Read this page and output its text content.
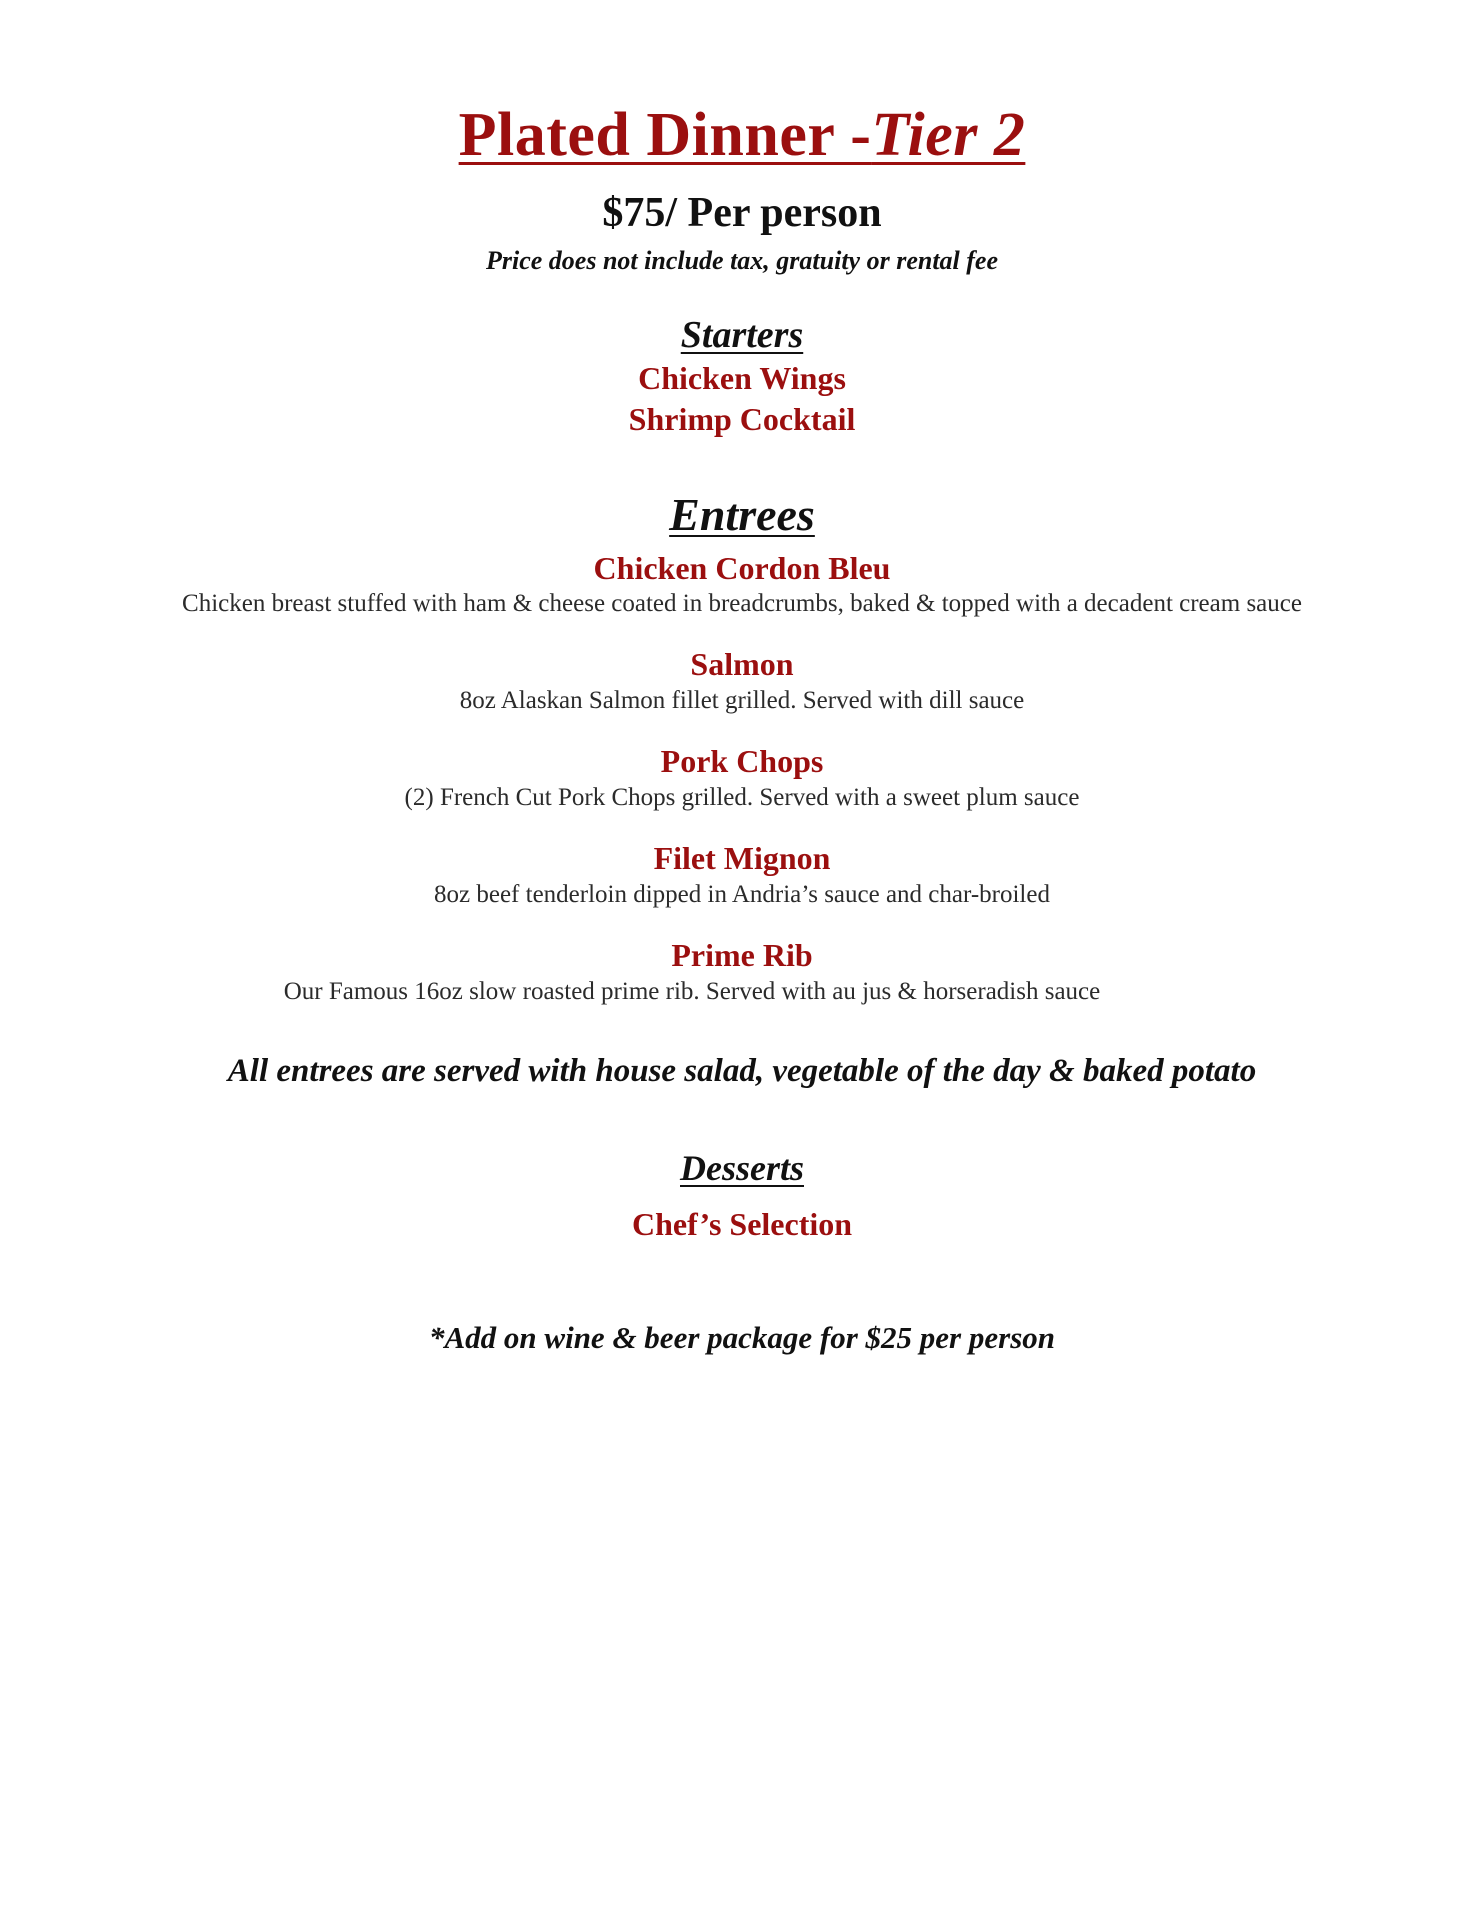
Plated Dinner -Tier 2
$75/ Per person
Price does not include tax, gratuity or rental fee
Starters
Chicken Wings
Shrimp Cocktail
Entrees
Chicken Cordon Bleu
Chicken breast stuffed with ham & cheese coated in breadcrumbs, baked & topped with a decadent cream sauce
Salmon
8oz Alaskan Salmon fillet grilled. Served with dill sauce
Pork Chops
(2) French Cut Pork Chops grilled. Served with a sweet plum sauce
Filet Mignon
8oz beef tenderloin dipped in Andria’s sauce and char-broiled
Prime Rib
Our Famous 16oz slow roasted prime rib. Served with au jus & horseradish sauce
All entrees are served with house salad, vegetable of the day & baked potato
Desserts
Chef’s Selection
*Add on wine & beer package for $25 per person
